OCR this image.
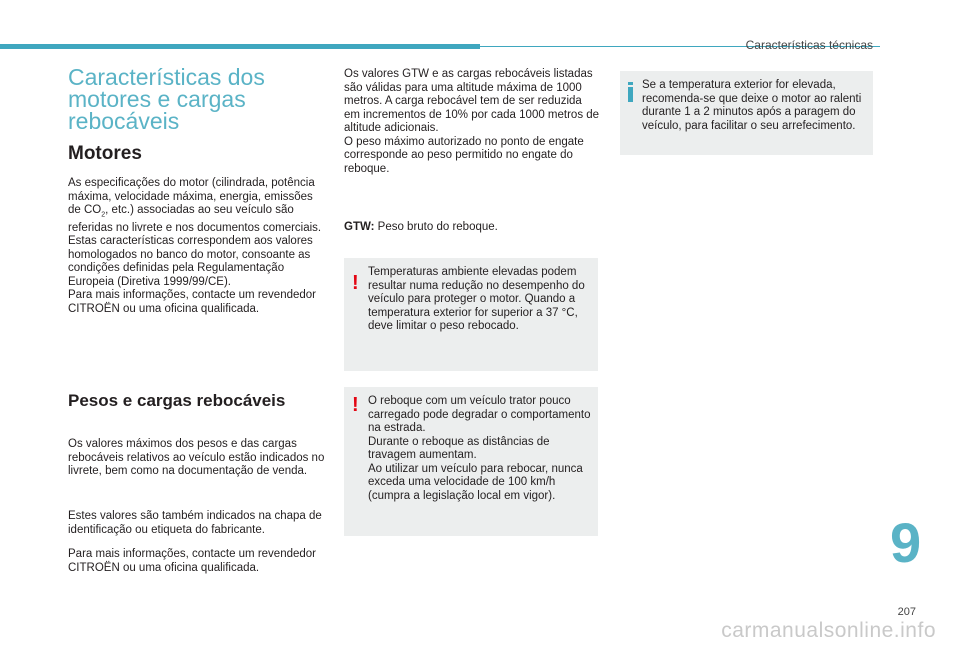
Características técnicas
Características dos motores e cargas rebocáveis
Motores

As especificações do motor (cilindrada, potência máxima, velocidade máxima, energia, emissões de $CO_2$, etc.) associadas ao seu veículo são referidas no livrete e nos documentos comerciais.
Estas características correspondem aos valores homologados no banco do motor, consoante as condições definidas pela Regulamentação Europeia (Diretiva 1999/99/CE).
Para mais informações, contacte um revendedor CITROËN ou uma oficina qualificada.

Pesos e cargas rebocáveis

Os valores máximos dos pesos e das cargas rebocáveis relativos ao veículo estão indicados no livrete, bem como na documentação de venda.

Estes valores são também indicados na chapa de identificação ou etiqueta do fabricante.

Para mais informações, contacte um revendedor CITROËN ou uma oficina qualificada.

Os valores GTW e as cargas rebocáveis listadas são válidas para uma altitude máxima de 1000 metros. A carga rebocável tem de ser reduzida em incrementos de 10% por cada 1000 metros de altitude adicionais.
O peso máximo autorizado no ponto de engate corresponde ao peso permitido no engate do reboque.

GTW: Peso bruto do reboque.

! Temperaturas ambiente elevadas podem resultar numa redução no desempenho do veículo para proteger o motor. Quando a temperatura exterior for superior a 37 °C, deve limitar o peso rebocado.

! O reboque com um veículo trator pouco carregado pode degradar o comportamento na estrada.
Durante o reboque as distâncias de travagem aumentam.
Ao utilizar um veículo para rebocar, nunca exceda uma velocidade de 100 km/h (cumpra a legislação local em vigor).

Se a temperatura exterior for elevada, recomenda-se que deixe o motor ao ralenti durante 1 a 2 minutos após a paragem do veículo, para facilitar o seu arrefecimento.

9
207
carmanualsonline.info
